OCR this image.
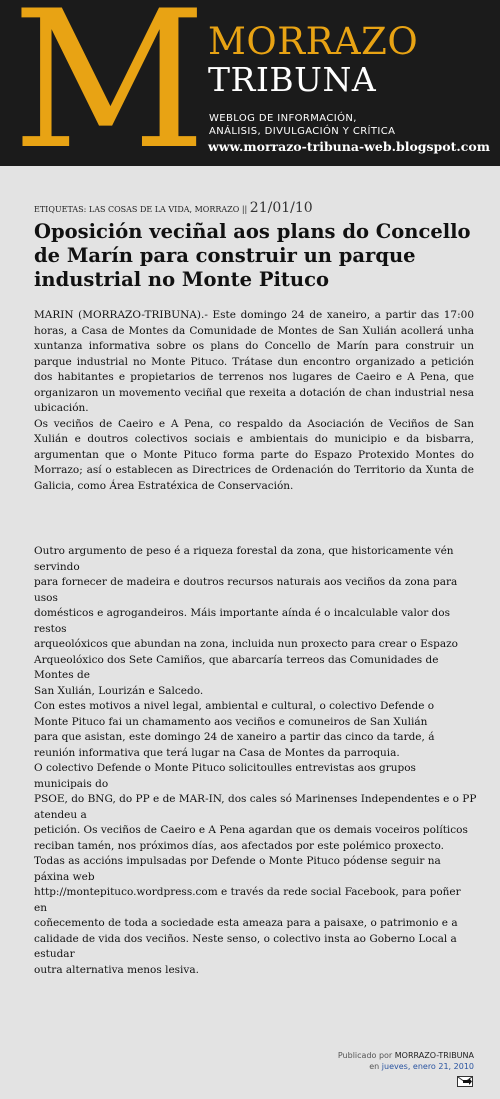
M MORRAZO
TRIBUNA
WEBLOG DE INFORMACIÓN,
ANÁLISIS, DIVULGACIÓN Y CRÍTICA
www.morrazo-tribuna-web.blogspot.com
ETIQUETAS: LAS COSAS DE LA VIDA, MORRAZO || 21/01/10
Oposición veciñal aos plans do Concello de Marín para construir un parque industrial no Monte Pituco
MARIN (MORRAZO-TRIBUNA).- Este domingo 24 de xaneiro, a partir das 17:00 horas, a Casa de Montes da Comunidade de Montes de San Xulián acollerá unha xuntanza informativa sobre os plans do Concello de Marín para construir un parque industrial no Monte Pituco. Trátase dun encontro organizado a petición dos habitantes e propietarios de terrenos nos lugares de Caeiro e A Pena, que organizaron un movemento veciñal que rexeita a dotación de chan industrial nesa ubicación.
Os veciños de Caeiro e A Pena, co respaldo da Asociación de Veciños de San Xulián e doutros colectivos sociais e ambientais do municipio e da bisbarra, argumentan que o Monte Pituco forma parte do Espazo Protexido Montes do Morrazo; así o establecen as Directrices de Ordenación do Territorio da Xunta de Galicia, como Área Estratéxica de Conservación.
Outro argumento de peso é a riqueza forestal da zona, que historicamente vén
servindo
para fornecer de madeira e doutros recursos naturais aos veciños da zona para
usos
domésticos e agrogandeiros. Máis importante aínda é o incalculable valor dos
restos
arqueolóxicos que abundan na zona, incluida nun proxecto para crear o Espazo
Arqueolóxico dos Sete Camiños, que abarcaría terreos das Comunidades de
Montes de
San Xulián, Lourizán e Salcedo.
Con estes motivos a nivel legal, ambiental e cultural, o colectivo Defende o
Monte Pituco fai un chamamento aos veciños e comuneiros de San Xulián
para que asistan, este domingo 24 de xaneiro a partir das cinco da tarde, á
reunión informativa que terá lugar na Casa de Montes da parroquia.
O colectivo Defende o Monte Pituco solicitoulles entrevistas aos grupos
municipais do
PSOE, do BNG, do PP e de MAR-IN, dos cales só Marinenses Independentes e o PP
atendeu a
petición. Os veciños de Caeiro e A Pena agardan que os demais voceiros políticos
reciban tamén, nos próximos días, aos afectados por este polémico proxecto.
Todas as accións impulsadas por Defende o Monte Pituco pódense seguir na
páxina web
http://montepituco.wordpress.com e través da rede social Facebook, para poñer
en
coñecemento de toda a sociedade esta ameaza para a paisaxe, o patrimonio e a
calidade de vida dos veciños. Neste senso, o colectivo insta ao Goberno Local a
estudar
outra alternativa menos lesiva.
Publicado por MORRAZO-TRIBUNA
en jueves, enero 21, 2010
